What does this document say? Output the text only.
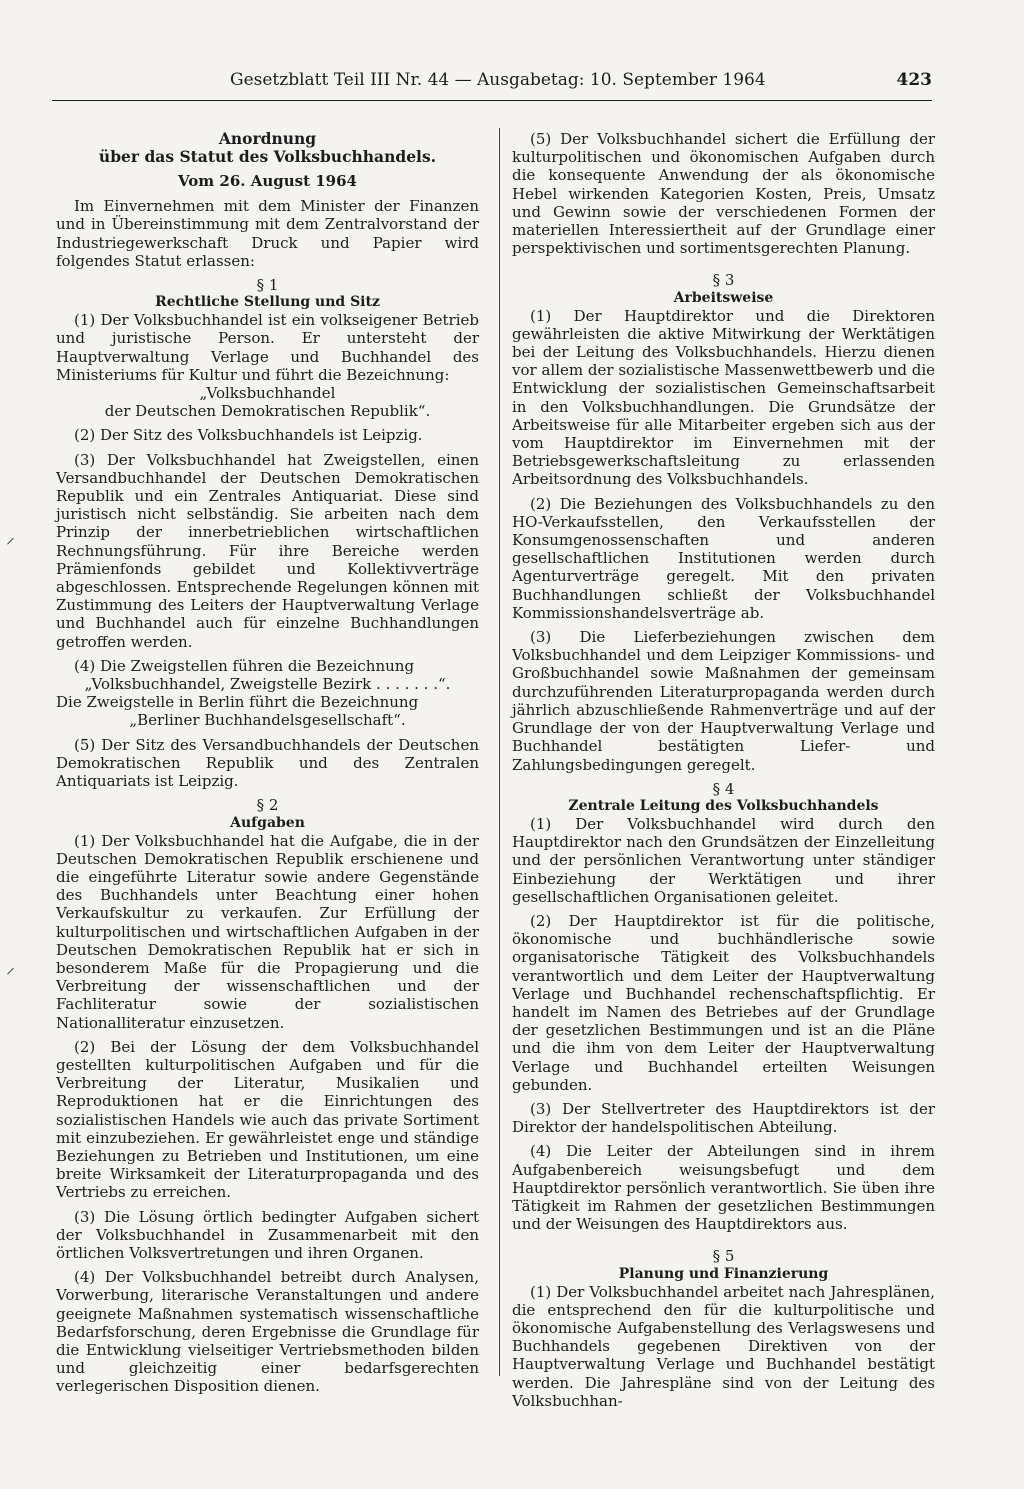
Gesetzblatt Teil III Nr. 44 — Ausgabetag: 10. September 1964	423
⸝
⸝
Anordnung
über das Statut des Volksbuchhandels.
Vom 26. August 1964

Im Einvernehmen mit dem Minister der Finanzen und in Übereinstimmung mit dem Zentralvorstand der Industriegewerkschaft Druck und Papier wird folgendes Statut erlassen:

§ 1
Rechtliche Stellung und Sitz

(1) Der Volksbuchhandel ist ein volkseigener Betrieb und juristische Person. Er untersteht der Hauptverwaltung Verlage und Buchhandel des Ministeriums für Kultur und führt die Bezeichnung:

„Volksbuchhandel
der Deutschen Demokratischen Republik“.

(2) Der Sitz des Volksbuchhandels ist Leipzig.

(3) Der Volksbuchhandel hat Zweigstellen, einen Versandbuchhandel der Deutschen Demokratischen Republik und ein Zentrales Antiquariat. Diese sind juristisch nicht selbständig. Sie arbeiten nach dem Prinzip der innerbetrieblichen wirtschaftlichen Rechnungsführung. Für ihre Bereiche werden Prämienfonds gebildet und Kollektivverträge abgeschlossen. Entsprechende Regelungen können mit Zustimmung des Leiters der Hauptverwaltung Verlage und Buchhandel auch für einzelne Buchhandlungen getroffen werden.

(4) Die Zweigstellen führen die Bezeichnung

„Volksbuchhandel, Zweigstelle Bezirk . . . . . . .“.

Die Zweigstelle in Berlin führt die Bezeichnung

„Berliner Buchhandelsgesellschaft“.

(5) Der Sitz des Versandbuchhandels der Deutschen Demokratischen Republik und des Zentralen Antiquariats ist Leipzig.

§ 2
Aufgaben

(1) Der Volksbuchhandel hat die Aufgabe, die in der Deutschen Demokratischen Republik erschienene und die eingeführte Literatur sowie andere Gegenstände des Buchhandels unter Beachtung einer hohen Verkaufskultur zu verkaufen. Zur Erfüllung der kulturpolitischen und wirtschaftlichen Aufgaben in der Deutschen Demokratischen Republik hat er sich in besonderem Maße für die Propagierung und die Verbreitung der wissenschaftlichen und der Fachliteratur sowie der sozialistischen Nationalliteratur einzusetzen.

(2) Bei der Lösung der dem Volksbuchhandel gestellten kulturpolitischen Aufgaben und für die Verbreitung der Literatur, Musikalien und Reproduktionen hat er die Einrichtungen des sozialistischen Handels wie auch das private Sortiment mit einzubeziehen. Er gewährleistet enge und ständige Beziehungen zu Betrieben und Institutionen, um eine breite Wirksamkeit der Literaturpropaganda und des Vertriebs zu erreichen.

(3) Die Lösung örtlich bedingter Aufgaben sichert der Volksbuchhandel in Zusammenarbeit mit den örtlichen Volksvertretungen und ihren Organen.

(4) Der Volksbuchhandel betreibt durch Analysen, Vorwerbung, literarische Veranstaltungen und andere geeignete Maßnahmen systematisch wissenschaftliche Bedarfsforschung, deren Ergebnisse die Grundlage für die Entwicklung vielseitiger Vertriebsmethoden bilden und gleichzeitig einer bedarfsgerechten verlegerischen Disposition dienen.

(5) Der Volksbuchhandel sichert die Erfüllung der kulturpolitischen und ökonomischen Aufgaben durch die konsequente Anwendung der als ökonomische Hebel wirkenden Kategorien Kosten, Preis, Umsatz und Gewinn sowie der verschiedenen Formen der materiellen Interessiertheit auf der Grundlage einer perspektivischen und sortimentsgerechten Planung.

§ 3
Arbeitsweise

(1) Der Hauptdirektor und die Direktoren gewährleisten die aktive Mitwirkung der Werktätigen bei der Leitung des Volksbuchhandels. Hierzu dienen vor allem der sozialistische Massenwettbewerb und die Entwicklung der sozialistischen Gemeinschaftsarbeit in den Volksbuchhandlungen. Die Grundsätze der Arbeitsweise für alle Mitarbeiter ergeben sich aus der vom Hauptdirektor im Einvernehmen mit der Betriebsgewerkschaftsleitung zu erlassenden Arbeitsordnung des Volksbuchhandels.

(2) Die Beziehungen des Volksbuchhandels zu den HO-Verkaufsstellen, den Verkaufsstellen der Konsumgenossenschaften und anderen gesellschaftlichen Institutionen werden durch Agenturverträge geregelt. Mit den privaten Buchhandlungen schließt der Volksbuchhandel Kommissionshandelsverträge ab.

(3) Die Lieferbeziehungen zwischen dem Volksbuchhandel und dem Leipziger Kommissions- und Großbuchhandel sowie Maßnahmen der gemeinsam durchzuführenden Literaturpropaganda werden durch jährlich abzuschließende Rahmenverträge und auf der Grundlage der von der Hauptverwaltung Verlage und Buchhandel bestätigten Liefer- und Zahlungsbedingungen geregelt.

§ 4
Zentrale Leitung des Volksbuchhandels

(1) Der Volksbuchhandel wird durch den Hauptdirektor nach den Grundsätzen der Einzelleitung und der persönlichen Verantwortung unter ständiger Einbeziehung der Werktätigen und ihrer gesellschaftlichen Organisationen geleitet.

(2) Der Hauptdirektor ist für die politische, ökonomische und buchhändlerische sowie organisatorische Tätigkeit des Volksbuchhandels verantwortlich und dem Leiter der Hauptverwaltung Verlage und Buchhandel rechenschaftspflichtig. Er handelt im Namen des Betriebes auf der Grundlage der gesetzlichen Bestimmungen und ist an die Pläne und die ihm von dem Leiter der Hauptverwaltung Verlage und Buchhandel erteilten Weisungen gebunden.

(3) Der Stellvertreter des Hauptdirektors ist der Direktor der handelspolitischen Abteilung.

(4) Die Leiter der Abteilungen sind in ihrem Aufgabenbereich weisungsbefugt und dem Hauptdirektor persönlich verantwortlich. Sie üben ihre Tätigkeit im Rahmen der gesetzlichen Bestimmungen und der Weisungen des Hauptdirektors aus.

§ 5
Planung und Finanzierung

(1) Der Volksbuchhandel arbeitet nach Jahresplänen, die entsprechend den für die kulturpolitische und ökonomische Aufgabenstellung des Verlagswesens und Buchhandels gegebenen Direktiven von der Hauptverwaltung Verlage und Buchhandel bestätigt werden. Die Jahrespläne sind von der Leitung des Volksbuchhan-
